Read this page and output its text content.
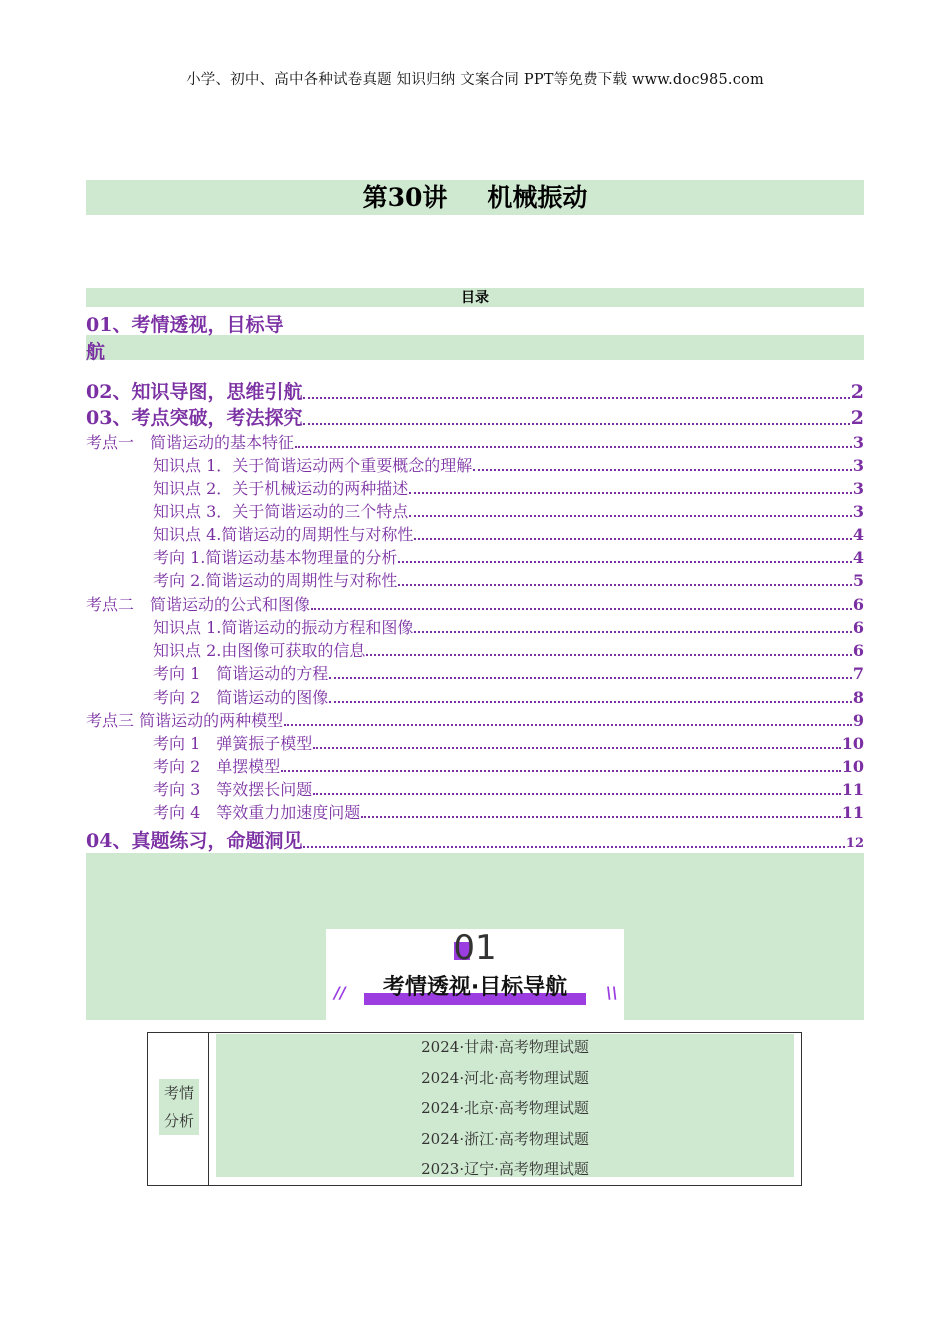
小学、初中、高中各种试卷真题 知识归纳 文案合同 PPT等免费下载 www.doc985.com
第30讲 机械振动
目录
01、考情透视，目标导
航
02、知识导图，思维引航	2
03、考点突破，考法探究	2
考点一　简谐运动的基本特征	3
知识点 1．关于简谐运动两个重要概念的理解	3
知识点 2．关于机械运动的两种描述	3
知识点 3．关于简谐运动的三个特点	3
知识点 4.简谐运动的周期性与对称性	4
考向 1.简谐运动基本物理量的分析	4
考向 2.简谐运动的周期性与对称性	5
考点二　简谐运动的公式和图像	6
知识点 1.简谐运动的振动方程和图像	6
知识点 2.由图像可获取的信息	6
考向 1　简谐运动的方程	7
考向 2　简谐运动的图像	8
考点三 简谐运动的两种模型	9
考向 1　弹簧振子模型	10
考向 2　单摆模型	10
考向 3　等效摆长问题	11
考向 4　等效重力加速度问题	11
04、真题练习，命题洞见	12
01
//	考情透视·目标导航	\\
考情
分析
2024·甘肃·高考物理试题
2024·河北·高考物理试题
2024·北京·高考物理试题
2024·浙江·高考物理试题
2023·辽宁·高考物理试题
